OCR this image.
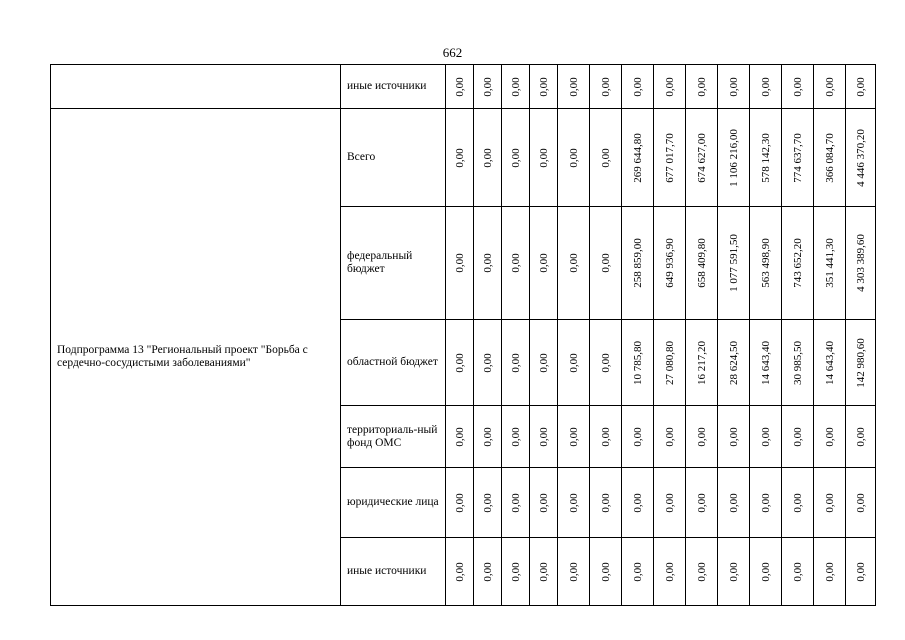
662
	иные источники	0,00	0,00	0,00	0,00	0,00	0,00	0,00	0,00	0,00	0,00	0,00	0,00	0,00	0,00

Подпрограмма 13 "Региональный проект "Борьба с сердечно-сосудистыми заболеваниями"	Всего	0,00	0,00	0,00	0,00	0,00	0,00	269 644,80	677 017,70	674 627,00	1 106 216,00	578 142,30	774 637,70	366 084,70	4 446 370,20

	федеральный бюджет	0,00	0,00	0,00	0,00	0,00	0,00	258 859,00	649 936,90	658 409,80	1 077 591,50	563 498,90	743 652,20	351 441,30	4 303 389,60

	областной бюджет	0,00	0,00	0,00	0,00	0,00	0,00	10 785,80	27 080,80	16 217,20	28 624,50	14 643,40	30 985,50	14 643,40	142 980,60

	территориаль-ный фонд ОМС	0,00	0,00	0,00	0,00	0,00	0,00	0,00	0,00	0,00	0,00	0,00	0,00	0,00	0,00

	юридические лица	0,00	0,00	0,00	0,00	0,00	0,00	0,00	0,00	0,00	0,00	0,00	0,00	0,00	0,00

	иные источники	0,00	0,00	0,00	0,00	0,00	0,00	0,00	0,00	0,00	0,00	0,00	0,00	0,00	0,00
